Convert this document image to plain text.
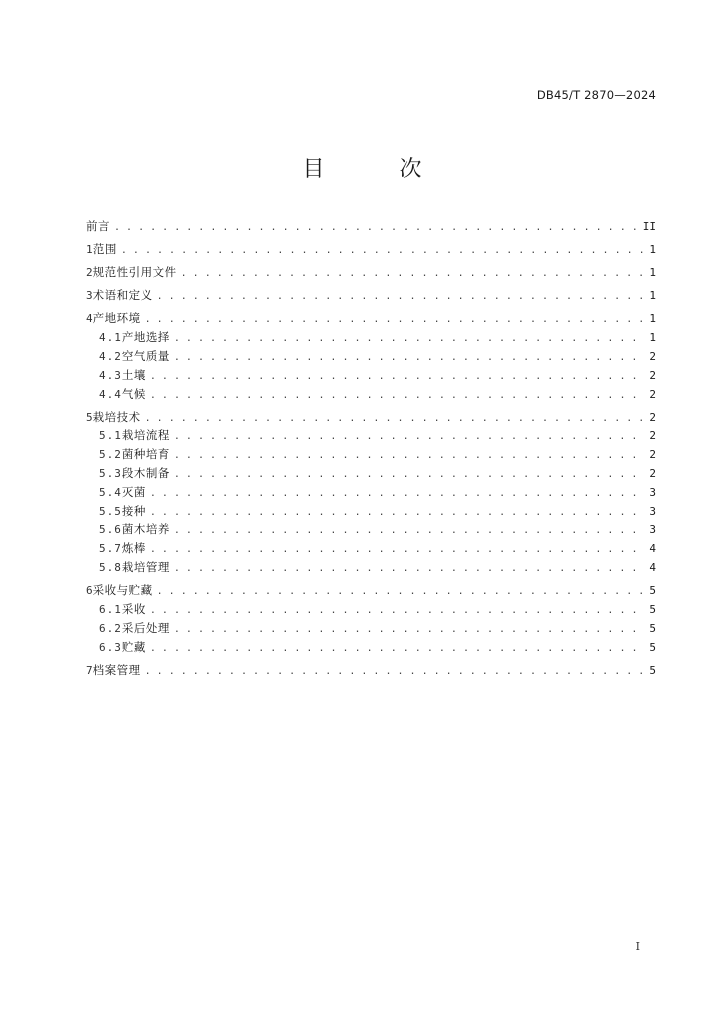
DB45/T 2870—2024
目 次
前言 . . .	II
1 范围 . . .	1
2 规范性引用文件 . . .	1
3 术语和定义 . . .	1
4 产地环境 . . .	1
4.1 产地选择 . . .	1
4.2 空气质量 . . .	2
4.3 土壤 . . .	2
4.4 气候 . . .	2
5 栽培技术 . . .	2
5.1 栽培流程 . . .	2
5.2 菌种培育 . . .	2
5.3 段木制备 . . .	2
5.4 灭菌 . . .	3
5.5 接种 . . .	3
5.6 菌木培养 . . .	3
5.7 炼棒 . . .	4
5.8 栽培管理 . . .	4
6 采收与贮藏 . . .	5
6.1 采收 . . .	5
6.2 采后处理 . . .	5
6.3 贮藏 . . .	5
7 档案管理 . . .	5
I
